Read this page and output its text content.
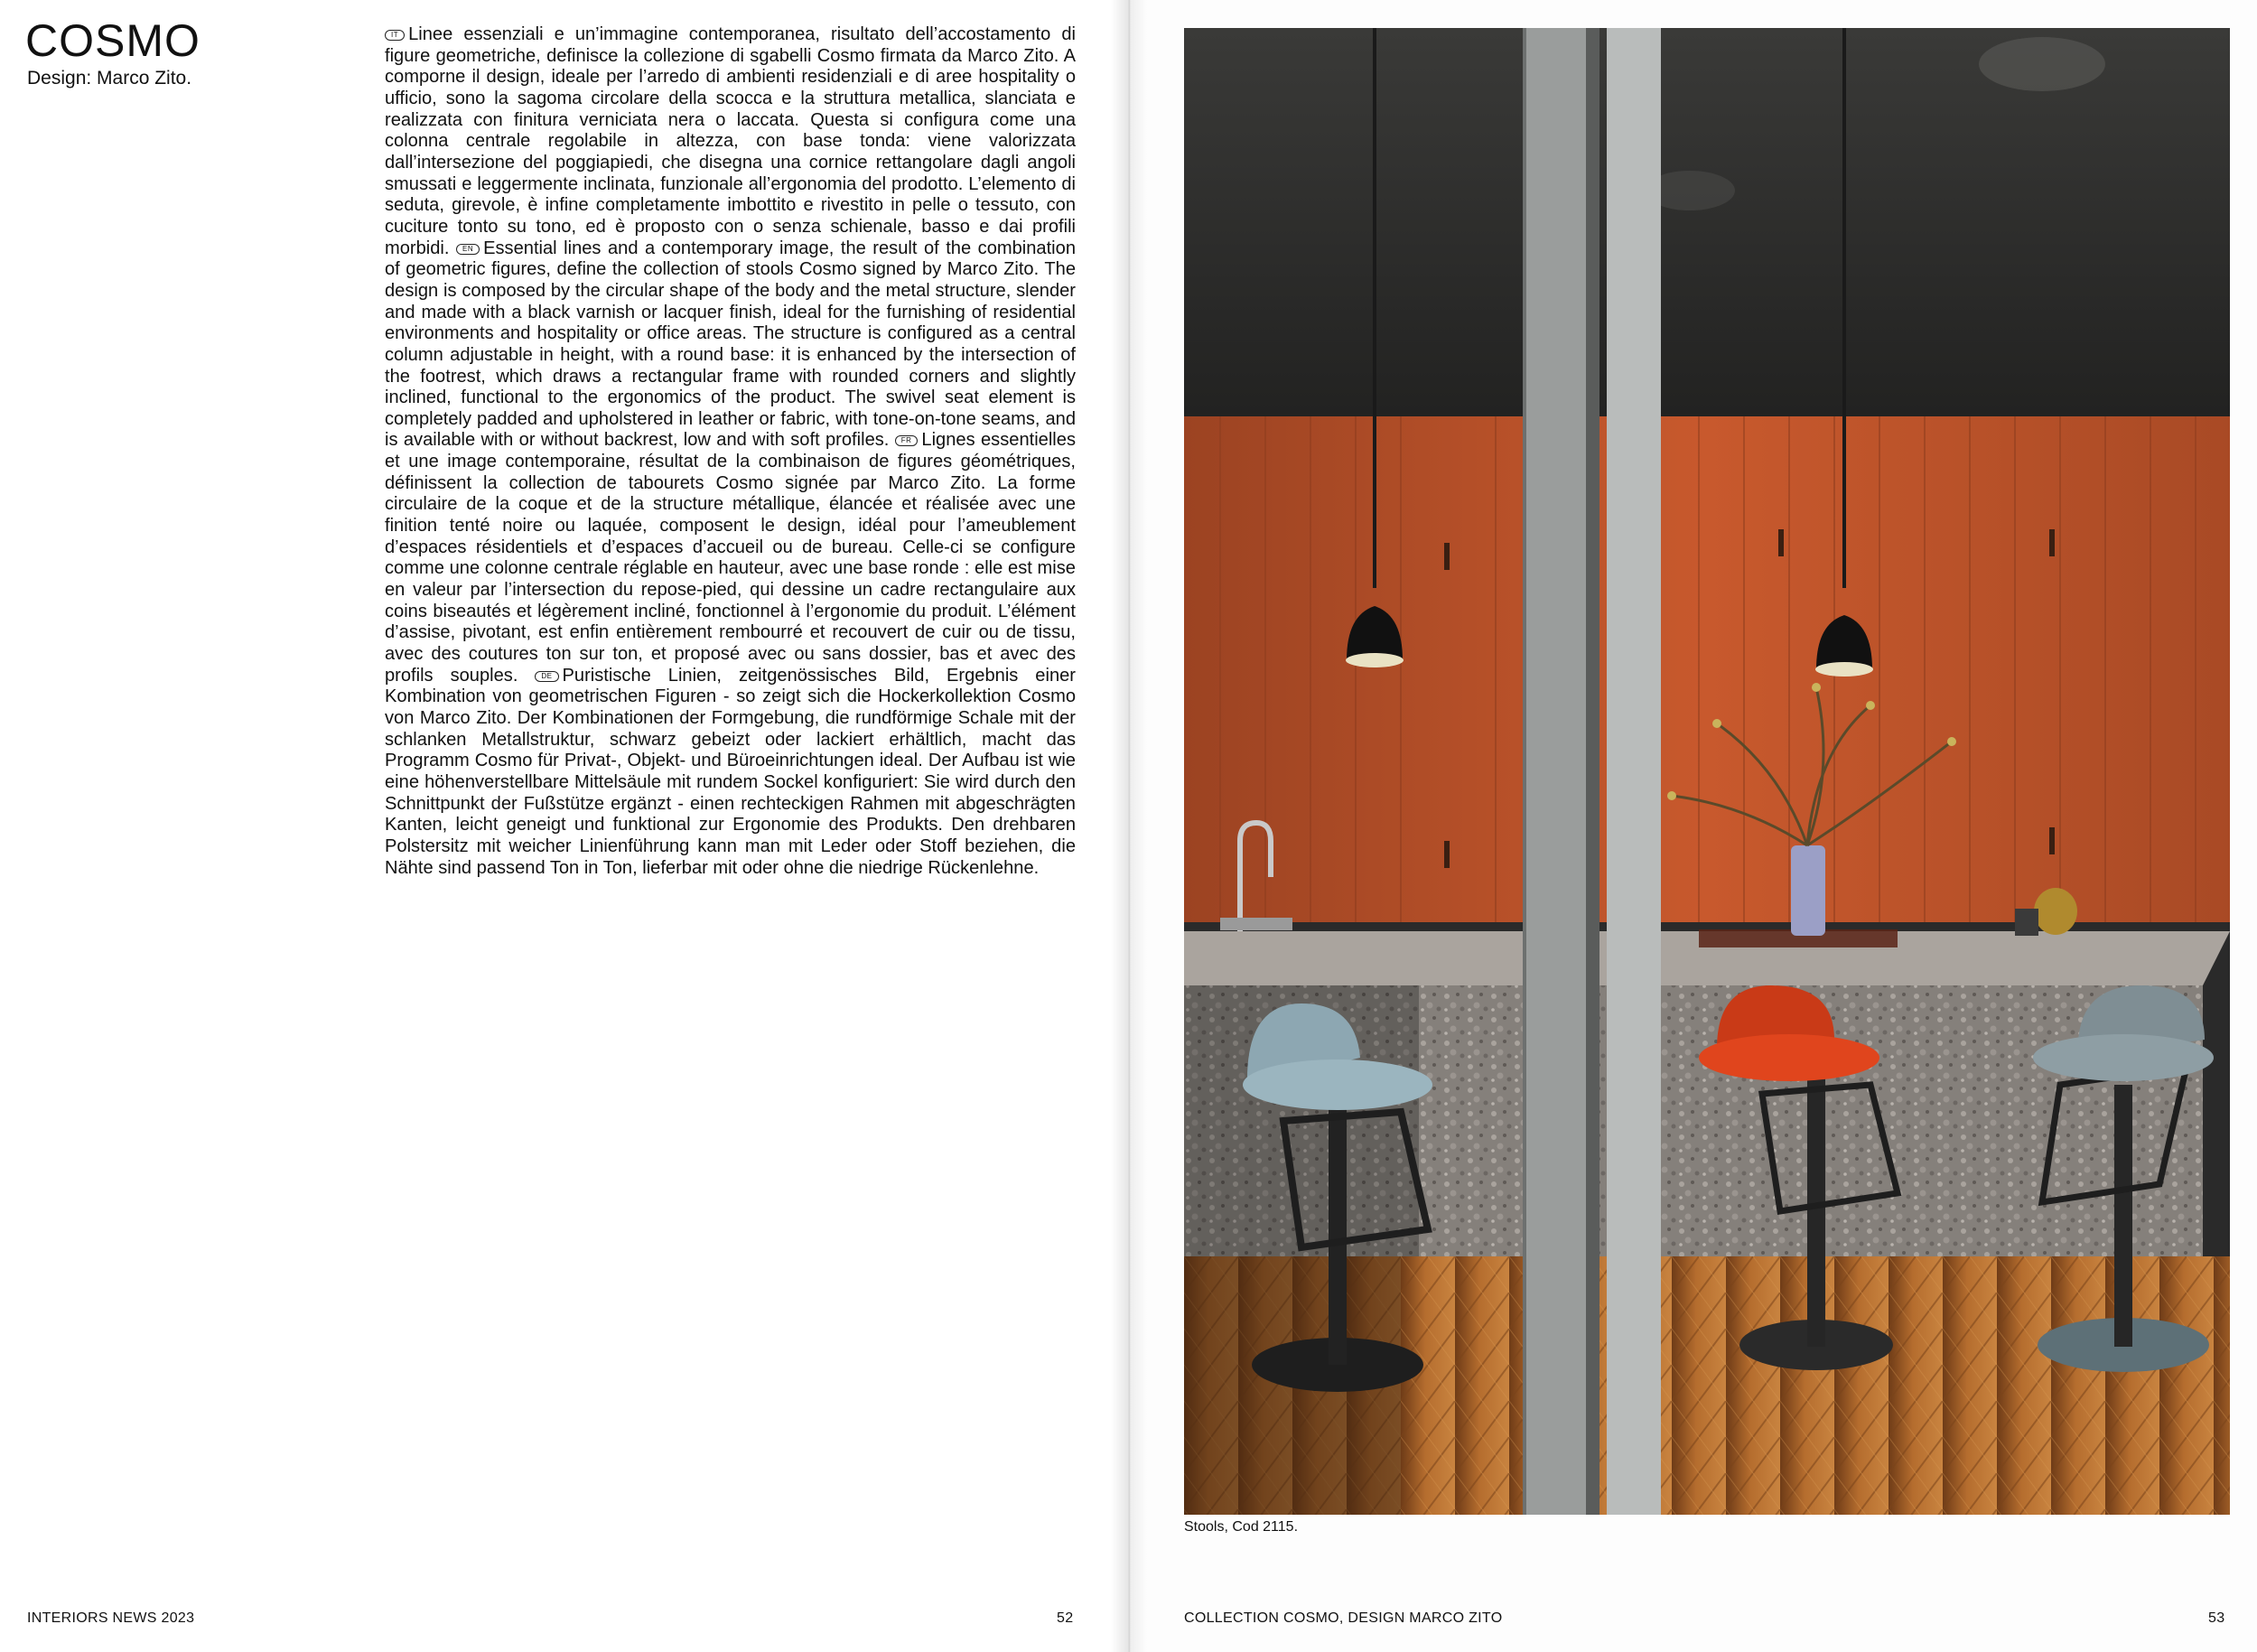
COSMO
Design: Marco Zito.
IT Linee essenziali e un’immagine contemporanea, risultato dell’accostamento di figure geometriche, definisce la collezione di sgabelli Cosmo firmata da Marco Zito. A comporne il design, ideale per l’arredo di ambienti residenziali e di aree hospitality o ufficio, sono la sagoma circolare della scocca e la struttura metallica, slanciata e realizzata con finitura verniciata nera o laccata. Questa si configura come una colonna centrale regolabile in altezza, con base tonda: viene valorizzata dall’intersezione del poggiapiedi, che disegna una cornice rettangolare dagli angoli smussati e leggermente inclinata, funzionale all’ergonomia del prodotto. L’elemento di seduta, girevole, è infine completamente imbottito e rivestito in pelle o tessuto, con cuciture tonto su tono, ed è proposto con o senza schienale, basso e dai profili morbidi. EN Essential lines and a contemporary image, the result of the combination of geometric figures, define the collection of stools Cosmo signed by Marco Zito. The design is composed by the circular shape of the body and the metal structure, slender and made with a black varnish or lacquer finish, ideal for the furnishing of residential environments and hospitality or office areas. The structure is configured as a central column adjustable in height, with a round base: it is enhanced by the intersection of the footrest, which draws a rectangular frame with rounded corners and slightly inclined, functional to the ergonomics of the product. The swivel seat element is completely padded and upholstered in leather or fabric, with tone-on-tone seams, and is available with or without backrest, low and with soft profiles. FR Lignes essentielles et une image contemporaine, résultat de la combinaison de figures géométriques, définissent la collection de tabourets Cosmo signée par Marco Zito. La forme circulaire de la coque et de la structure métallique, élancée et réalisée avec une finition tenté noire ou laquée, composent le design, idéal pour l’ameublement d’espaces résidentiels et d’espaces d’accueil ou de bureau. Celle-ci se configure comme une colonne centrale réglable en hauteur, avec une base ronde : elle est mise en valeur par l’intersection du repose-pied, qui dessine un cadre rectangulaire aux coins biseautés et légèrement incliné, fonctionnel à l’ergonomie du produit. L’élément d’assise, pivotant, est enfin entièrement rembourré et recouvert de cuir ou de tissu, avec des coutures ton sur ton, et proposé avec ou sans dossier, bas et avec des profils souples.	DE Puristische Linien, zeitgenössisches Bild, Ergebnis einer Kombination von geometrischen Figuren - so zeigt sich die Hockerkollektion Cosmo von Marco Zito. Der Kombinationen der Formgebung, die rundförmige Schale mit der schlanken Metallstruktur, schwarz gebeizt oder lackiert erhältlich, macht das Programm Cosmo für Privat-, Objekt- und Büroeinrichtungen ideal. Der Aufbau ist wie eine höhenverstellbare Mittelsäule mit rundem Sockel konfiguriert: Sie wird durch den Schnittpunkt der Fußstütze ergänzt - einen rechteckigen Rahmen mit abgeschrägten Kanten, leicht geneigt und funktional zur Ergonomie des Produkts. Den drehbaren Polstersitz mit weicher Linienführung kann man mit Leder oder Stoff beziehen, die Nähte sind passend Ton in Ton, lieferbar mit oder ohne die niedrige Rückenlehne.
INTERIORS NEWS 2023	52
Stools, Cod 2115.
COLLECTION COSMO, DESIGN MARCO ZITO	53
